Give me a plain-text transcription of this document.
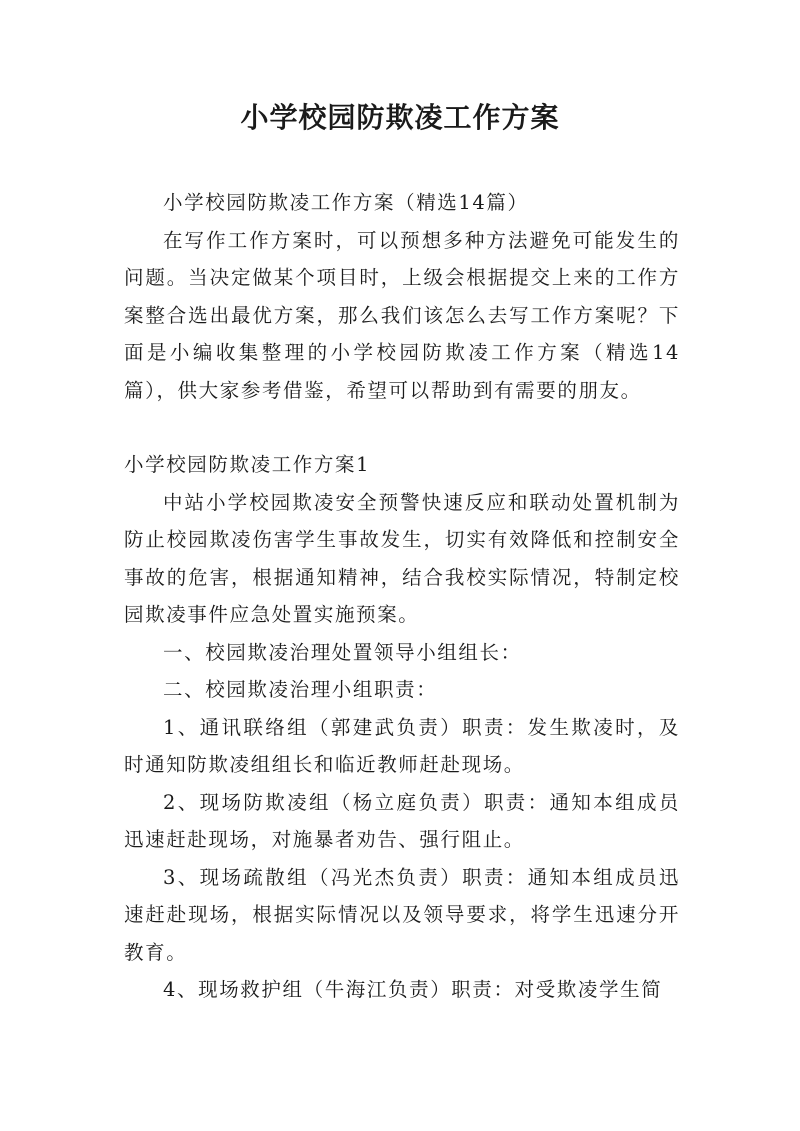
小学校园防欺凌工作方案

小学校园防欺凌工作方案（精选14篇）

在写作工作方案时，可以预想多种方法避免可能发生的问题。当决定做某个项目时，上级会根据提交上来的工作方案整合选出最优方案，那么我们该怎么去写工作方案呢？下面是小编收集整理的小学校园防欺凌工作方案（精选14篇），供大家参考借鉴，希望可以帮助到有需要的朋友。

小学校园防欺凌工作方案1

中站小学校园欺凌安全预警快速反应和联动处置机制为防止校园欺凌伤害学生事故发生，切实有效降低和控制安全事故的危害，根据通知精神，结合我校实际情况，特制定校园欺凌事件应急处置实施预案。

一、校园欺凌治理处置领导小组组长：

二、校园欺凌治理小组职责：

1、通讯联络组（郭建武负责）职责：发生欺凌时，及时通知防欺凌组组长和临近教师赶赴现场。

2、现场防欺凌组（杨立庭负责）职责：通知本组成员迅速赶赴现场，对施暴者劝告、强行阻止。

3、现场疏散组（冯光杰负责）职责：通知本组成员迅速赶赴现场，根据实际情况以及领导要求，将学生迅速分开教育。

4、现场救护组（牛海江负责）职责：对受欺凌学生简
